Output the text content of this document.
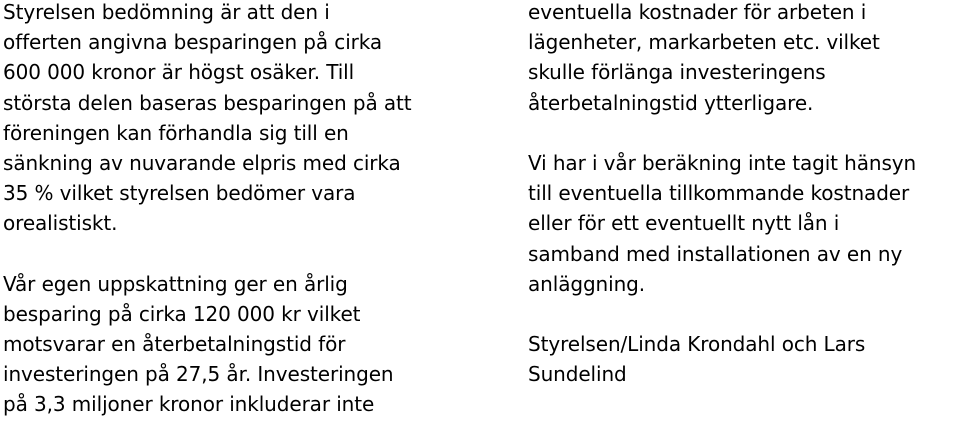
Styrelsen bedömning är att den i
offerten angivna besparingen på cirka
600 000 kronor är högst osäker. Till
största delen baseras besparingen på att
föreningen kan förhandla sig till en
sänkning av nuvarande elpris med cirka
35 % vilket styrelsen bedömer vara
orealistiskt.
Vår egen uppskattning ger en årlig
besparing på cirka 120 000 kr vilket
motsvarar en återbetalningstid för
investeringen på 27,5 år. Investeringen
på 3,3 miljoner kronor inkluderar inte
eventuella kostnader för arbeten i
lägenheter, markarbeten etc. vilket
skulle förlänga investeringens
återbetalningstid ytterligare.
Vi har i vår beräkning inte tagit hänsyn
till eventuella tillkommande kostnader
eller för ett eventuellt nytt lån i
samband med installationen av en ny
anläggning.
Styrelsen/Linda Krondahl och Lars
Sundelind
